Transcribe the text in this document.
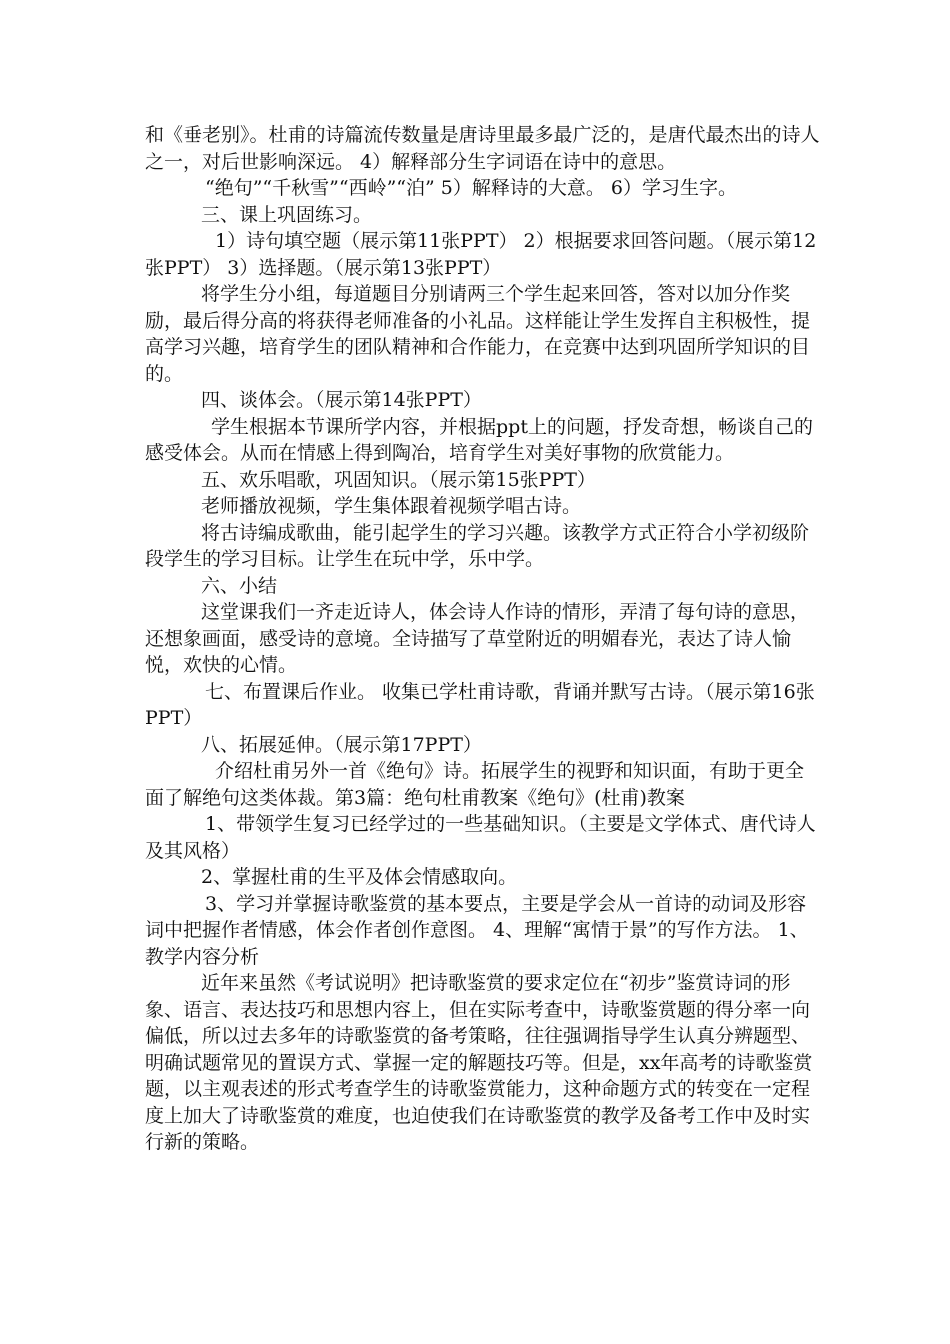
和《垂老别》。杜甫的诗篇流传数量是唐诗里最多最广泛的，是唐代最杰出的诗人之一，对后世影响深远。 4）解释部分生字词语在诗中的意思。

“绝句”“千秋雪”“西岭”“泊” 5）解释诗的大意。 6）学习生字。

三、课上巩固练习。

1）诗句填空题（展示第11张PPT） 2）根据要求回答问题。（展示第12张PPT） 3）选择题。（展示第13张PPT）

将学生分小组，每道题目分别请两三个学生起来回答，答对以加分作奖励，最后得分高的将获得老师准备的小礼品。这样能让学生发挥自主积极性，提高学习兴趣，培育学生的团队精神和合作能力，在竞赛中达到巩固所学知识的目的。

四、谈体会。（展示第14张PPT）

学生根据本节课所学内容，并根据ppt上的问题，抒发奇想，畅谈自己的感受体会。从而在情感上得到陶冶，培育学生对美好事物的欣赏能力。

五、欢乐唱歌，巩固知识。（展示第15张PPT）

老师播放视频，学生集体跟着视频学唱古诗。

将古诗编成歌曲，能引起学生的学习兴趣。该教学方式正符合小学初级阶段学生的学习目标。让学生在玩中学，乐中学。

六、小结

这堂课我们一齐走近诗人，体会诗人作诗的情形，弄清了每句诗的意思，还想象画面，感受诗的意境。全诗描写了草堂附近的明媚春光，表达了诗人愉悦，欢快的心情。

七、布置课后作业。 收集已学杜甫诗歌，背诵并默写古诗。（展示第16张PPT）

八、拓展延伸。（展示第17PPT）

介绍杜甫另外一首《绝句》诗。拓展学生的视野和知识面，有助于更全面了解绝句这类体裁。第3篇：绝句杜甫教案《绝句》(杜甫)教案

1、带领学生复习已经学过的一些基础知识。（主要是文学体式、唐代诗人及其风格）

2、掌握杜甫的生平及体会情感取向。

3、学习并掌握诗歌鉴赏的基本要点，主要是学会从一首诗的动词及形容词中把握作者情感，体会作者创作意图。 4、理解“寓情于景”的写作方法。 1、教学内容分析

近年来虽然《考试说明》把诗歌鉴赏的要求定位在“初步”鉴赏诗词的形象、语言、表达技巧和思想内容上，但在实际考查中，诗歌鉴赏题的得分率一向偏低，所以过去多年的诗歌鉴赏的备考策略，往往强调指导学生认真分辨题型、明确试题常见的置误方式、掌握一定的解题技巧等。但是，xx年高考的诗歌鉴赏题，以主观表述的形式考查学生的诗歌鉴赏能力，这种命题方式的转变在一定程度上加大了诗歌鉴赏的难度，也迫使我们在诗歌鉴赏的教学及备考工作中及时实行新的策略。
